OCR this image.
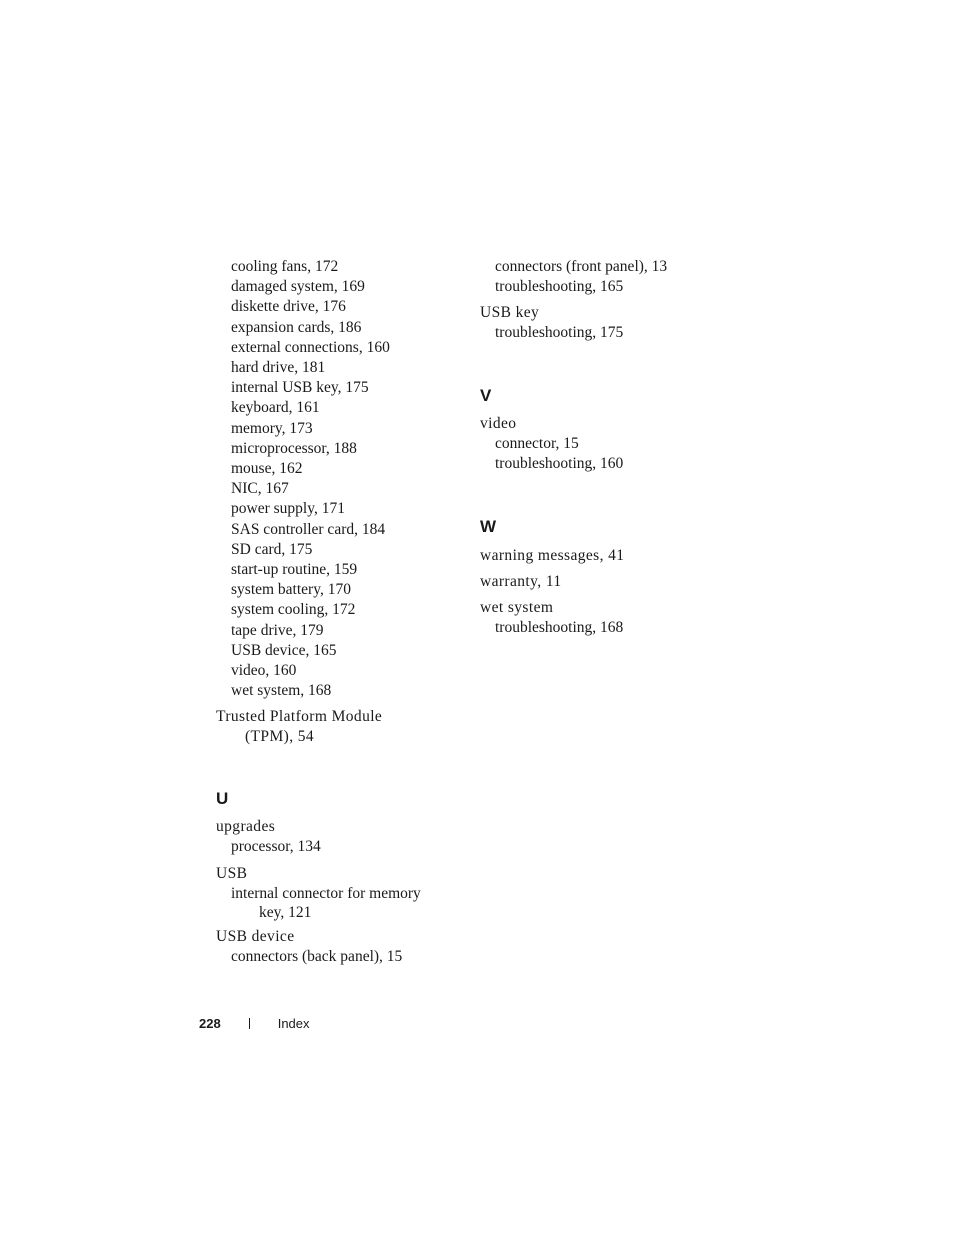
cooling fans, 172
damaged system, 169
diskette drive, 176
expansion cards, 186
external connections, 160
hard drive, 181
internal USB key, 175
keyboard, 161
memory, 173
microprocessor, 188
mouse, 162
NIC, 167
power supply, 171
SAS controller card, 184
SD card, 175
start-up routine, 159
system battery, 170
system cooling, 172
tape drive, 179
USB device, 165
video, 160
wet system, 168
Trusted Platform Module
(TPM), 54
U
upgrades
processor, 134
USB
internal connector for memory
key, 121
USB device
connectors (back panel), 15
connectors (front panel), 13
troubleshooting, 165
USB key
troubleshooting, 175
V
video
connector, 15
troubleshooting, 160
W
warning messages, 41
warranty, 11
wet system
troubleshooting, 168
228	Index
